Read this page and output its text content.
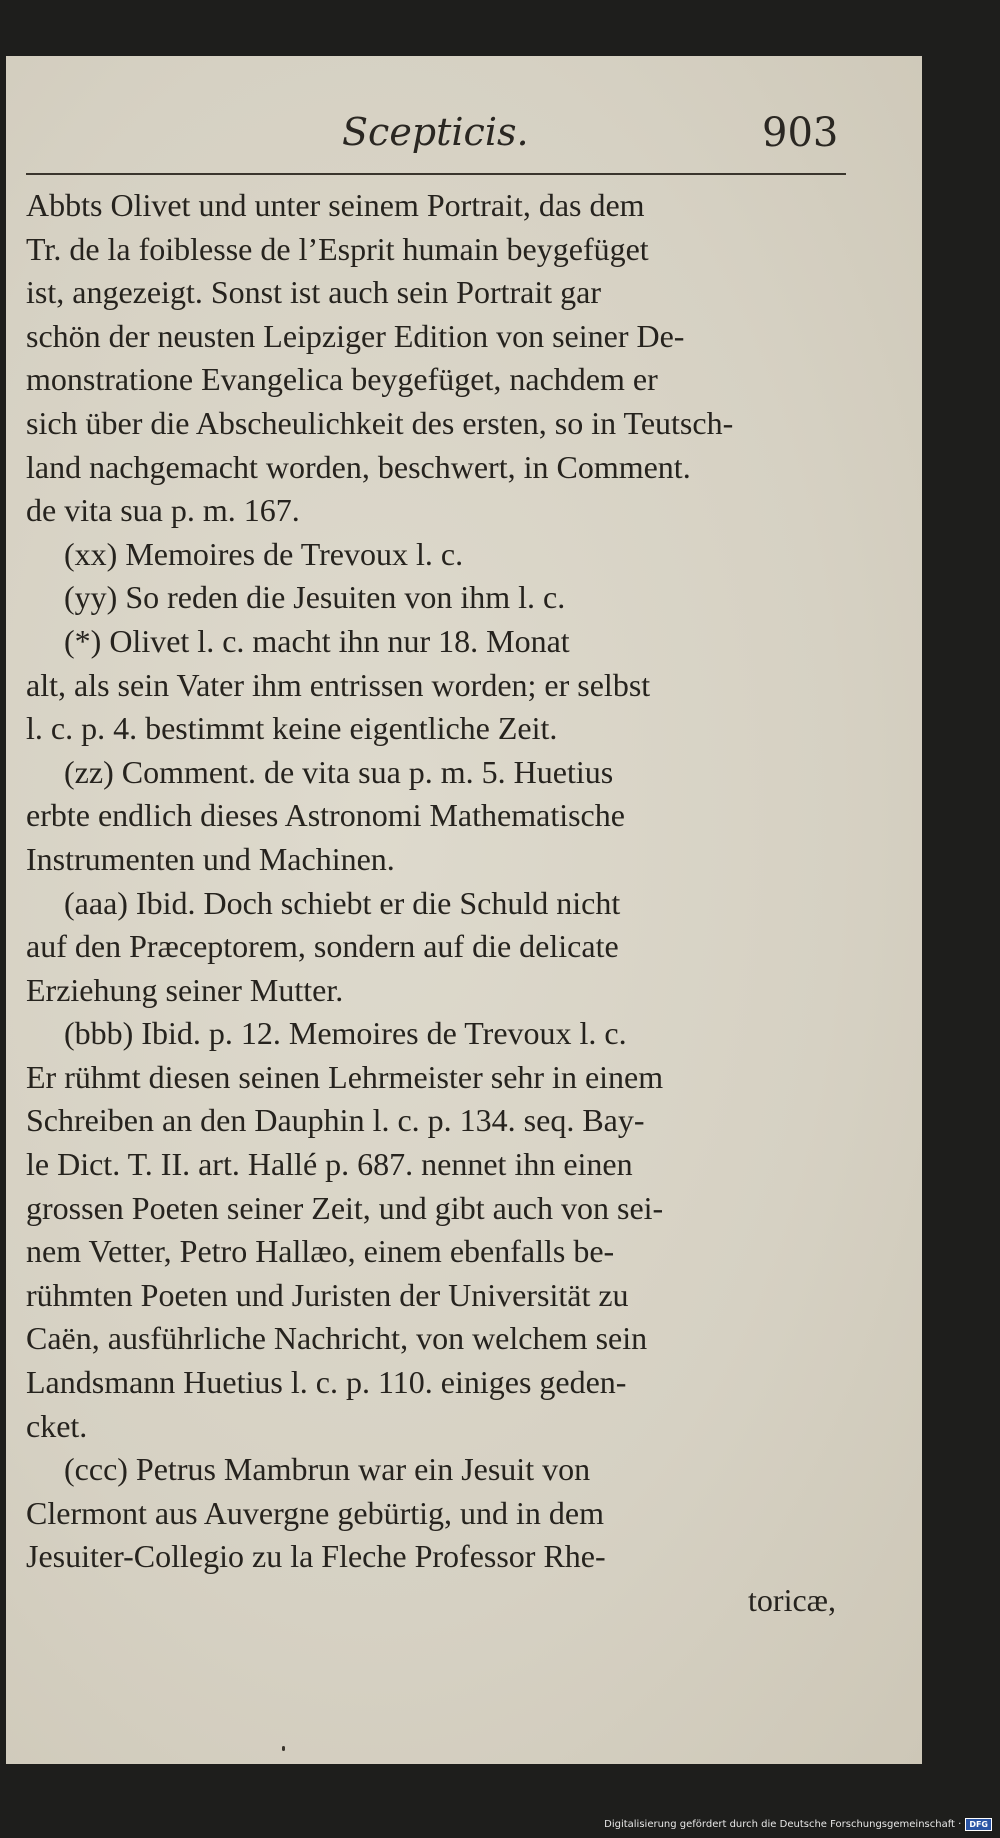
Scepticis.	903
Abbts Olivet und unter seinem Portrait, das dem
Tr. de la foiblesse de l’Esprit humain beygefüget
ist, angezeigt. Sonst ist auch sein Portrait gar
schön der neusten Leipziger Edition von seiner De-
monstratione Evangelica beygefüget, nachdem er
sich über die Abscheulichkeit des ersten, so in Teutsch-
land nachgemacht worden, beschwert, in Comment.
de vita sua p. m. 167.
(xx) Memoires de Trevoux l. c.
(yy) So reden die Jesuiten von ihm l. c.
(*) Olivet l. c. macht ihn nur 18. Monat
alt, als sein Vater ihm entrissen worden; er selbst
l. c. p. 4. bestimmt keine eigentliche Zeit.
(zz) Comment. de vita sua p. m. 5. Huetius
erbte endlich dieses Astronomi Mathematische
Instrumenten und Machinen.
(aaa) Ibid. Doch schiebt er die Schuld nicht
auf den Præceptorem, sondern auf die delicate
Erziehung seiner Mutter.
(bbb) Ibid. p. 12. Memoires de Trevoux l. c.
Er rühmt diesen seinen Lehrmeister sehr in einem
Schreiben an den Dauphin l. c. p. 134. seq. Bay-
le Dict. T. II. art. Hallé p. 687. nennet ihn einen
grossen Poeten seiner Zeit, und gibt auch von sei-
nem Vetter, Petro Hallæo, einem ebenfalls be-
rühmten Poeten und Juristen der Universität zu
Caën, ausführliche Nachricht, von welchem sein
Landsmann Huetius l. c. p. 110. einiges geden-
cket.
(ccc) Petrus Mambrun war ein Jesuit von
Clermont aus Auvergne gebürtig, und in dem
Jesuiter-Collegio zu la Fleche Professor Rhe-
toricæ,
Digitalisierung gefördert durch die Deutsche Forschungsgemeinschaft ·	DFG
